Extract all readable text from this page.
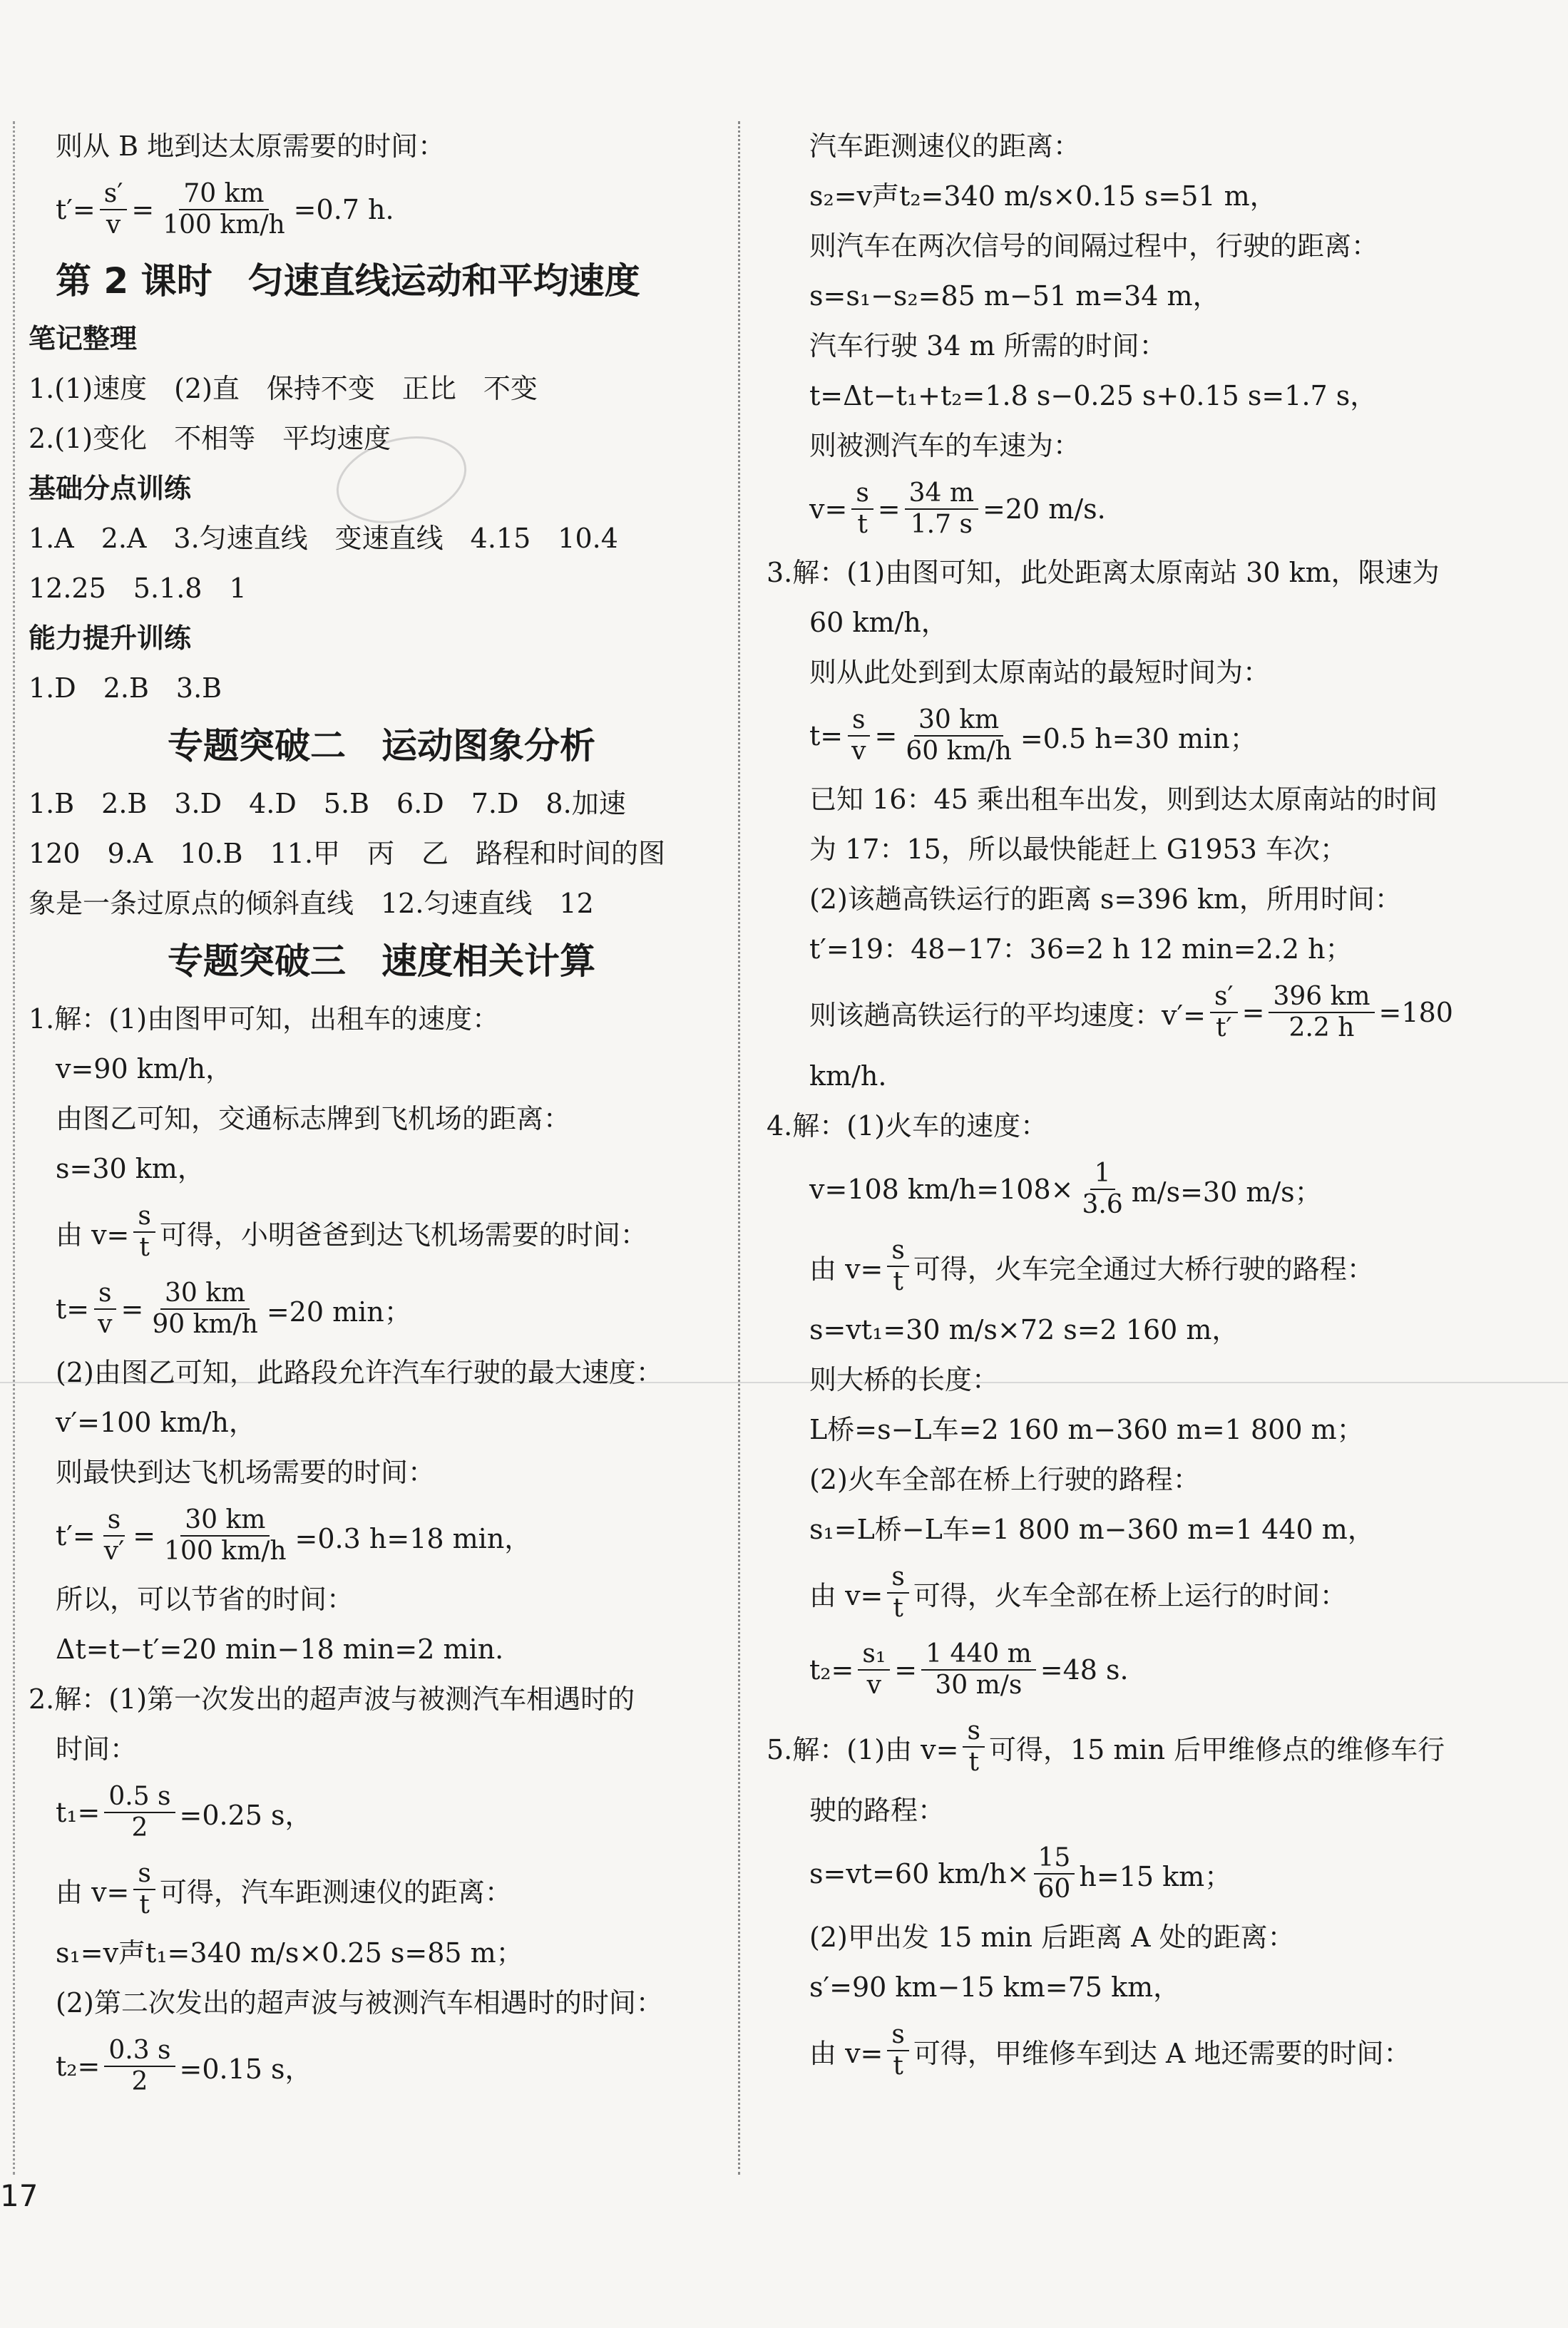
则从 B 地到达太原需要的时间：
$t'= \frac{s'}{v} = \frac{70 km}{100 km/h} =0.7$ h.
第 2 课时　匀速直线运动和平均速度
笔记整理
1.(1)速度　(2)直　保持不变　正比　不变
2.(1)变化　不相等　平均速度
基础分点训练
1.A　2.A　3.匀速直线　变速直线　4.15　10.4
12.25　5.1.8　1
能力提升训练
1.D　2.B　3.B
专题突破二　运动图象分析
1.B　2.B　3.D　4.D　5.B　6.D　7.D　8.加速
120　9.A　10.B　11.甲　丙　乙　路程和时间的图
象是一条过原点的倾斜直线　12.匀速直线　12
专题突破三　速度相关计算
1.解：(1)由图甲可知，出租车的速度：
v=90 km/h，
由图乙可知，交通标志牌到飞机场的距离：
s=30 km，
由 $v= \frac{s}{t}$ 可得，小明爸爸到达飞机场需要的时间：
$t= \frac{s}{v} = \frac{30 km}{90 km/h} =20$ min；
(2)由图乙可知，此路段允许汽车行驶的最大速度：
v′=100 km/h，
则最快到达飞机场需要的时间：
$t'= \frac{s}{v'} = \frac{30 km}{100 km/h} =0.3$ h=18 min，
所以，可以节省的时间：
Δt=t−t′=20 min−18 min=2 min.
2.解：(1)第一次发出的超声波与被测汽车相遇时的
时间：
$t_1= \frac{0.5 s}{2} =0.25$ s，
由 $v= \frac{s}{t}$ 可得，汽车距测速仪的距离：
s₁=v声t₁=340 m/s×0.25 s=85 m；
(2)第二次发出的超声波与被测汽车相遇时的时间：
$t_2= \frac{0.3 s}{2} =0.15$ s，
汽车距测速仪的距离：
s₂=v声t₂=340 m/s×0.15 s=51 m，
则汽车在两次信号的间隔过程中，行驶的距离：
s=s₁−s₂=85 m−51 m=34 m，
汽车行驶 34 m 所需的时间：
t=Δt−t₁+t₂=1.8 s−0.25 s+0.15 s=1.7 s，
则被测汽车的车速为：
$v= \frac{s}{t} = \frac{34 m}{1.7 s} =20$ m/s.
3.解：(1)由图可知，此处距离太原南站 30 km，限速为
60 km/h，
则从此处到到太原南站的最短时间为：
$t= \frac{s}{v} = \frac{30 km}{60 km/h} =0.5$ h=30 min；
已知 16：45 乘出租车出发，则到达太原南站的时间
为 17：15，所以最快能赶上 G1953 车次；
(2)该趟高铁运行的距离 s=396 km，所用时间：
t′=19：48−17：36=2 h 12 min=2.2 h；
则该趟高铁运行的平均速度：$v'= \frac{s'}{t'} = \frac{396 km}{2.2 h} =180$
km/h.
4.解：(1)火车的速度：
v=108 $km/h=108\times \frac{1}{3.6} m/s=30$ m/s；
由 $v= \frac{s}{t}$ 可得，火车完全通过大桥行驶的路程：
s=vt₁=30 m/s×72 s=2 160 m，
则大桥的长度：
L桥=s−L车=2 160 m−360 m=1 800 m；
(2)火车全部在桥上行驶的路程：
s₁=L桥−L车=1 800 m−360 m=1 440 m，
由 $v= \frac{s}{t}$ 可得，火车全部在桥上运行的时间：
$t_2= \frac{\text{s₁}}{v} = \frac{1 440 m}{30 m/s} =48$ s.
5.解：(1)由 $v= \frac{s}{t}$ 可得，15 min 后甲维修点的维修车行
驶的路程：
s=vt=60 $km/h\times \frac{15}{60} h=15$ km；
(2)甲出发 15 min 后距离 A 处的距离：
s′=90 km−15 km=75 km，
由 $v= \frac{s}{t}$ 可得，甲维修车到达 A 地还需要的时间：
17
